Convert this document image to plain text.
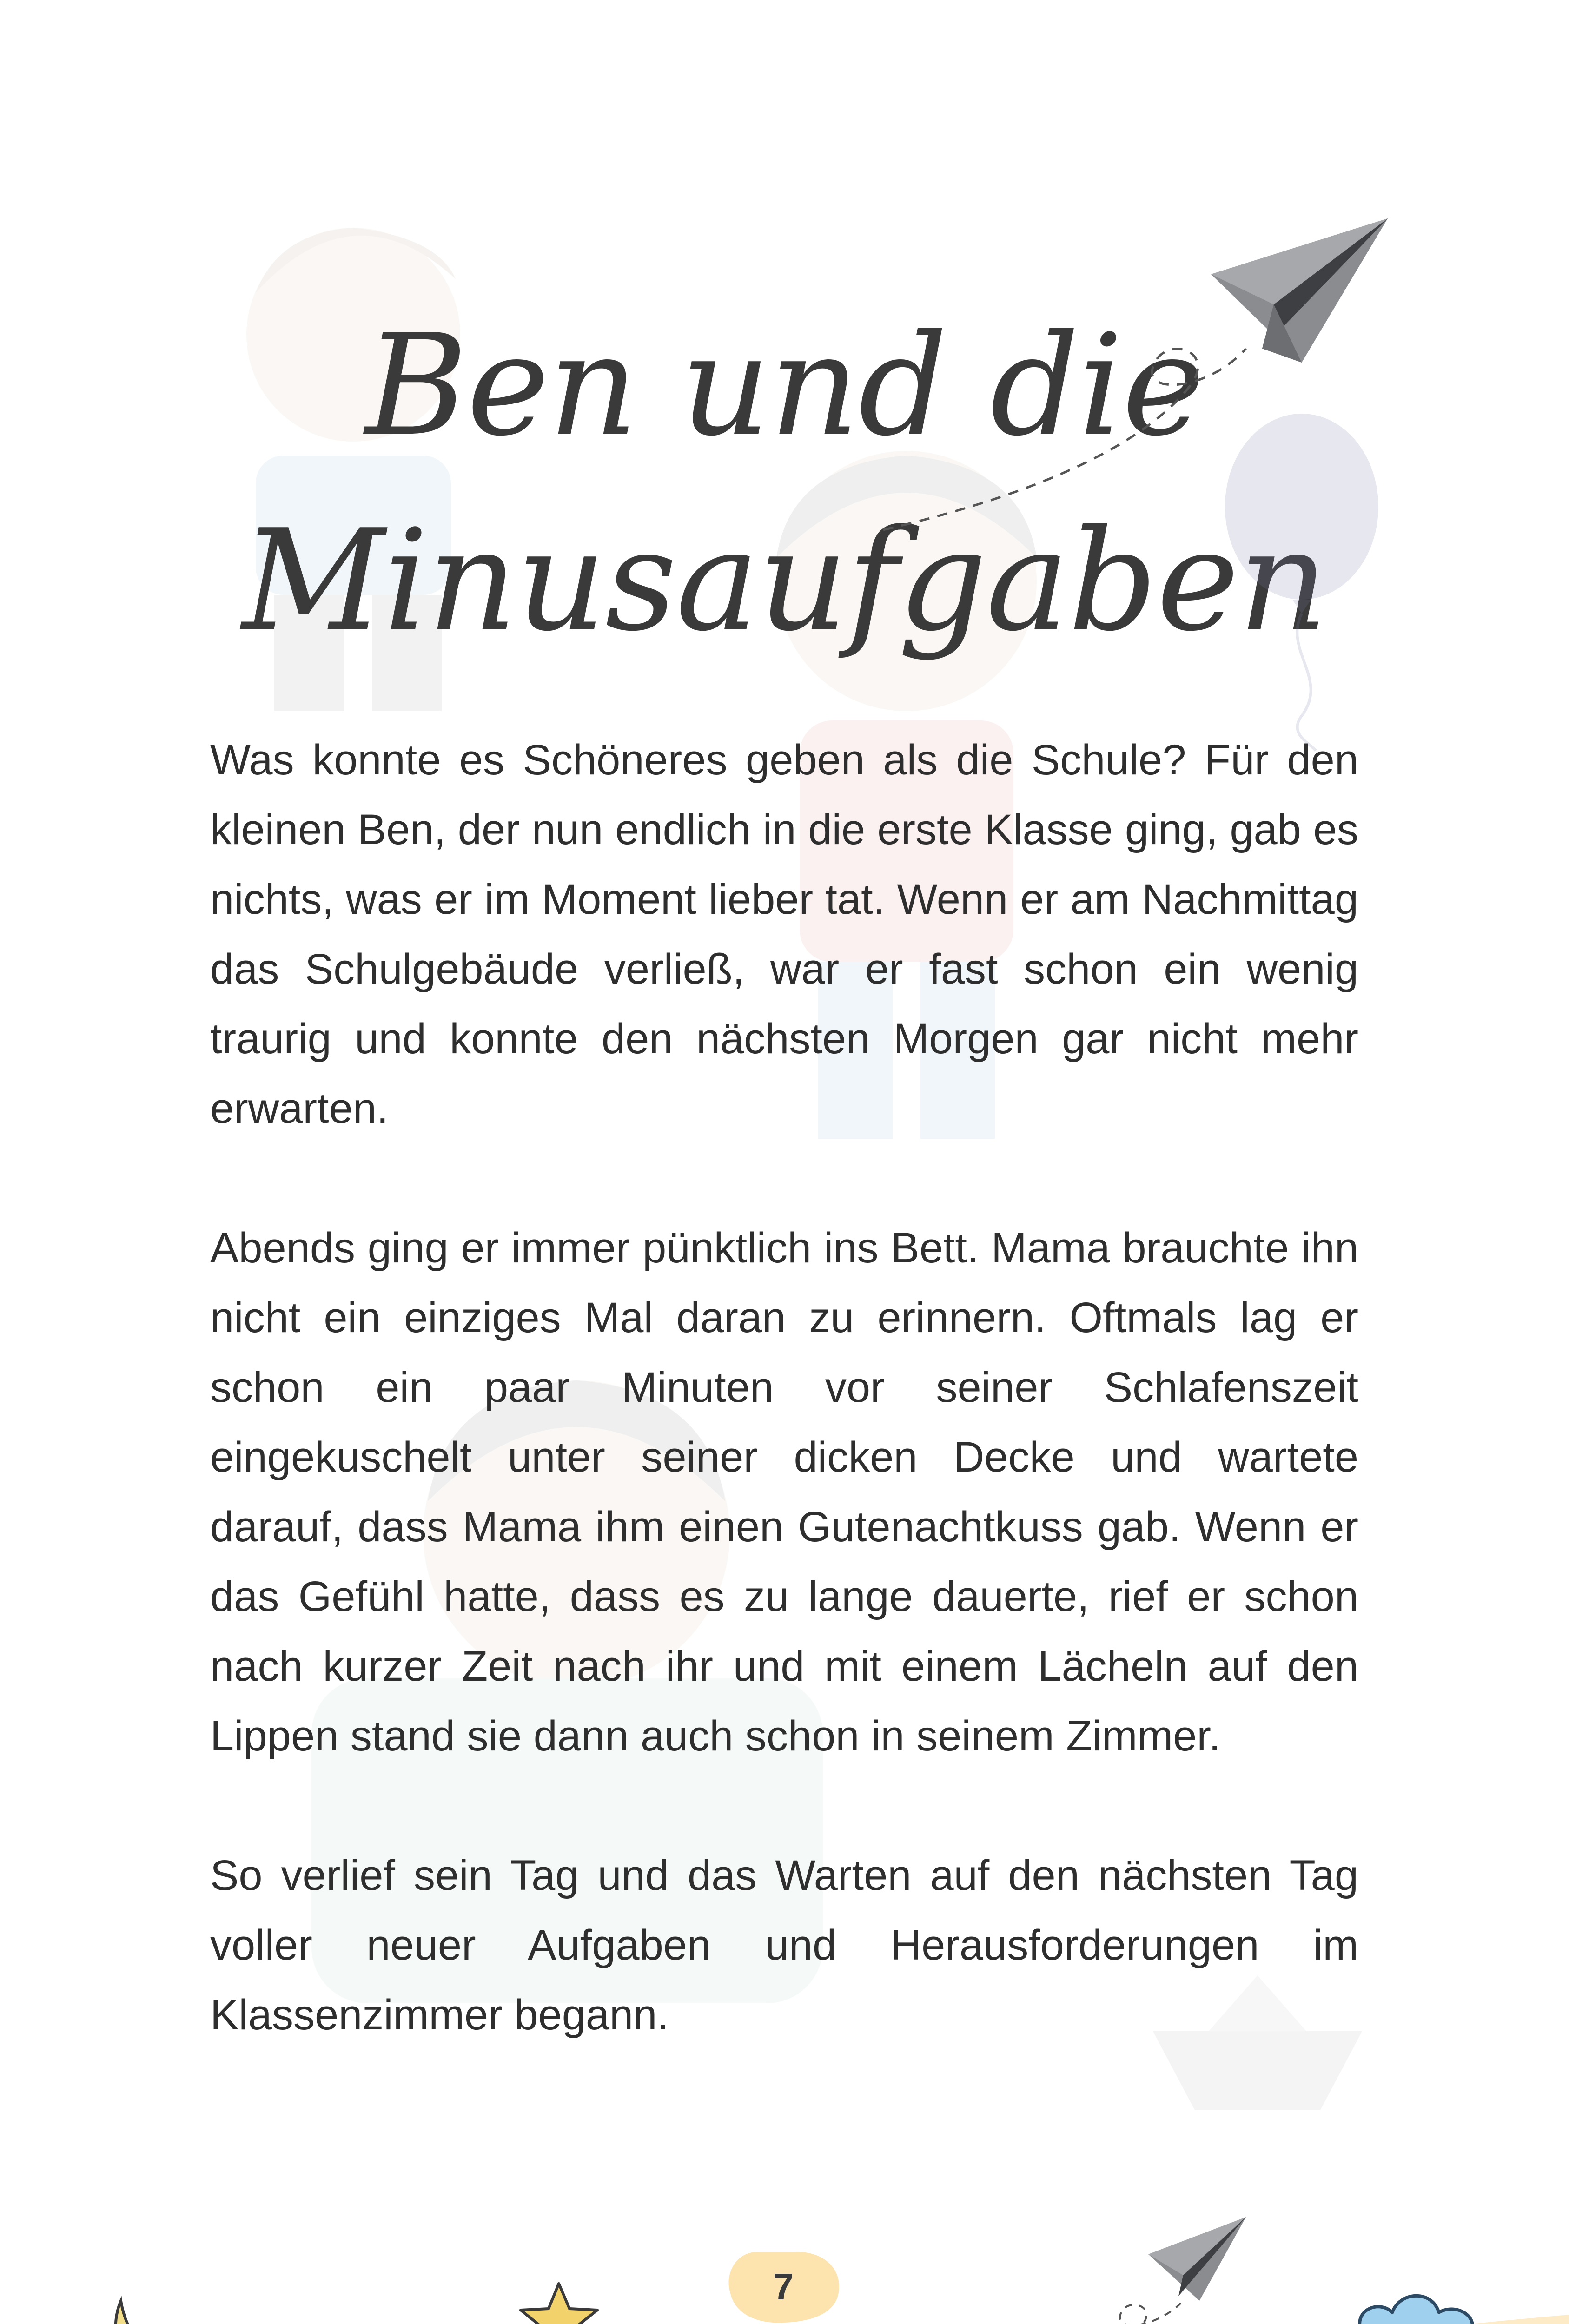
Ben und die
Minusaufgaben

Was konnte es Schöneres geben als die Schule? Für den kleinen Ben, der nun endlich in die erste Klasse ging, gab es nichts, was er im Moment lieber tat. Wenn er am Nachmittag das Schulgebäude verließ, war er fast schon ein wenig traurig und konnte den nächsten Morgen gar nicht mehr erwarten.

Abends ging er immer pünktlich ins Bett. Mama brauchte ihn nicht ein einziges Mal daran zu erinnern. Oftmals lag er schon ein paar Minuten vor seiner Schlafenszeit eingekuschelt unter seiner dicken Decke und wartete darauf, dass Mama ihm einen Gutenachtkuss gab. Wenn er das Gefühl hatte, dass es zu lange dauerte, rief er schon nach kurzer Zeit nach ihr und mit einem Lächeln auf den Lippen stand sie dann auch schon in seinem Zimmer.

So verlief sein Tag und das Warten auf den nächsten Tag voller neuer Aufgaben und Herausforderungen im Klassenzimmer begann.

7
